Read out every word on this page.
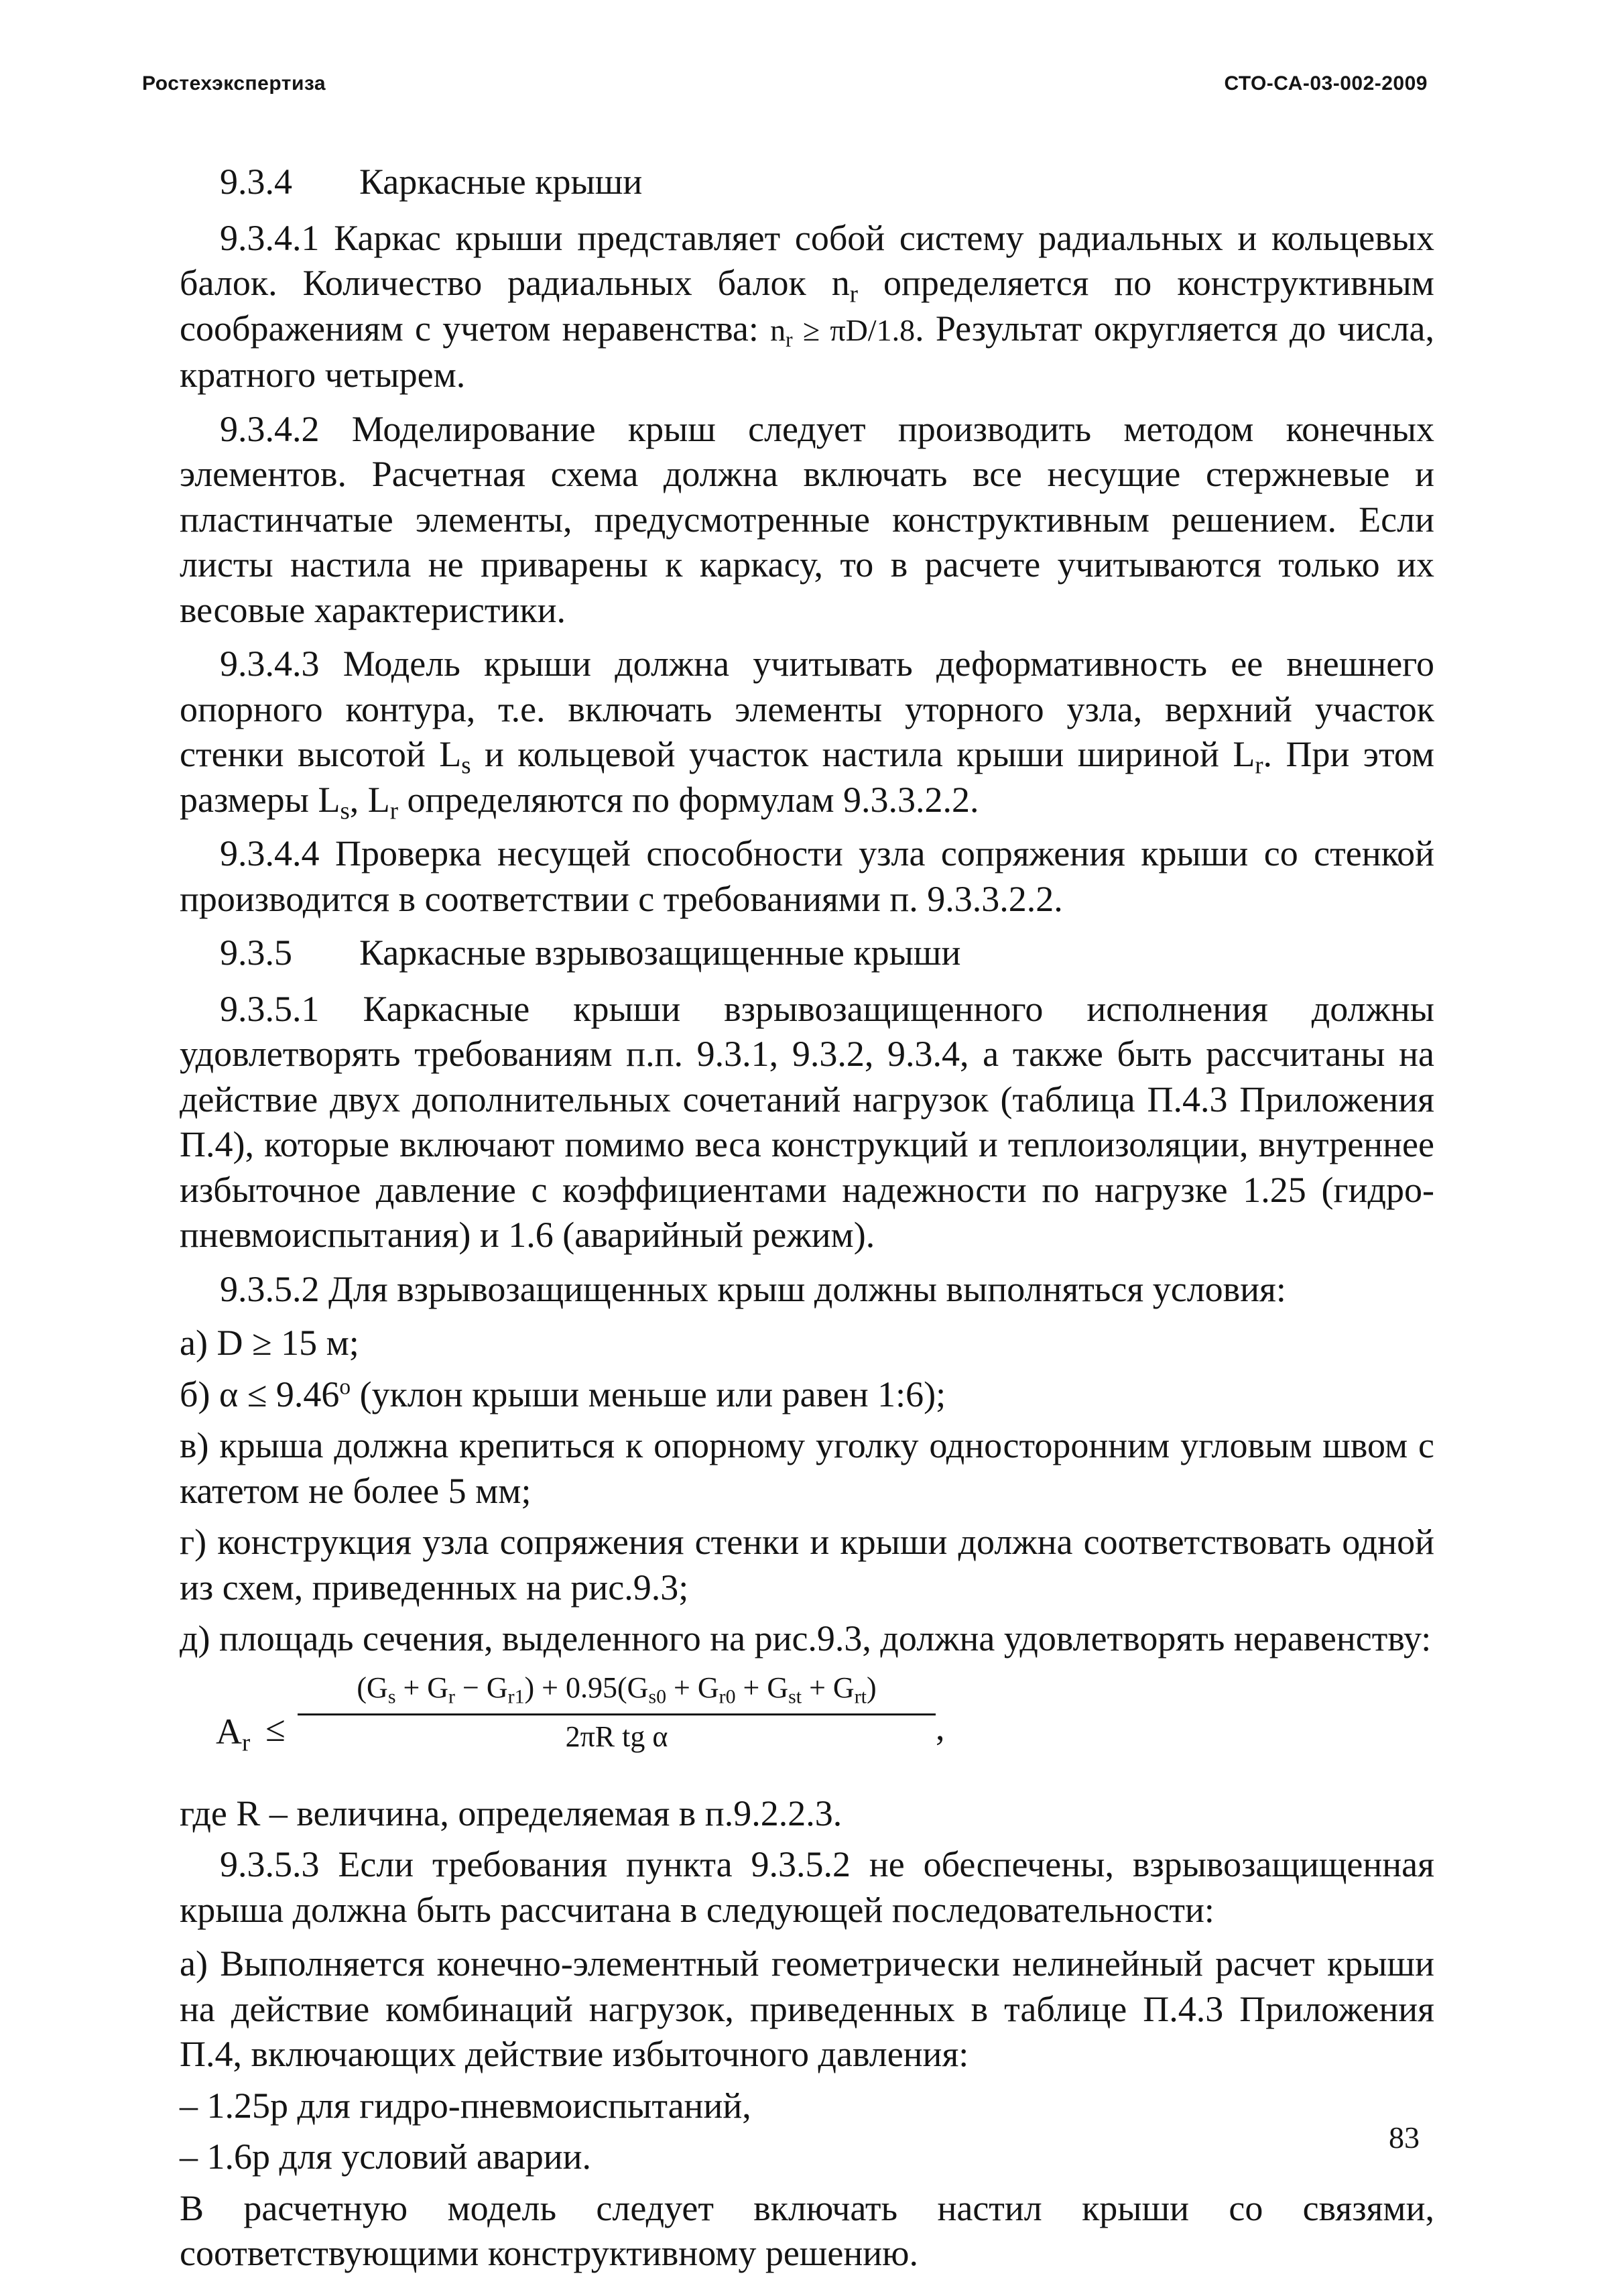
Ростехэкспертиза	СТО-СА-03-002-2009
9.3.4 Каркасные крыши

9.3.4.1 Каркас крыши представляет собой систему радиальных и кольцевых балок. Количество радиальных балок $n_r$ определяется по конструктивным соображениям с учетом неравенства: $n_r \ge \pi D/1.8$. Результат округляется до числа, кратного четырем.

9.3.4.2 Моделирование крыш следует производить методом конечных элементов. Расчетная схема должна включать все несущие стержневые и пластинчатые элементы, предусмотренные конструктивным решением. Если листы настила не приварены к каркасу, то в расчете учитываются только их весовые характеристики.

9.3.4.3 Модель крыши должна учитывать деформативность ее внешнего опорного контура, т.е. включать элементы уторного узла, верхний участок стенки высотой $L_s$ и кольцевой участок настила крыши шириной $L_r$. При этом размеры $L_s$, $L_r$ определяются по формулам 9.3.3.2.2.

9.3.4.4 Проверка несущей способности узла сопряжения крыши со стенкой производится в соответствии с требованиями п. 9.3.3.2.2.

9.3.5 Каркасные взрывозащищенные крыши

9.3.5.1 Каркасные крыши взрывозащищенного исполнения должны удовлетворять требованиям п.п. 9.3.1, 9.3.2, 9.3.4, а также быть рассчитаны на действие двух дополнительных сочетаний нагрузок (таблица П.4.3 Приложения П.4), которые включают помимо веса конструкций и теплоизоляции, внутреннее избыточное давление с коэффициентами надежности по нагрузке 1.25 (гидро-пневмоиспытания) и 1.6 (аварийный режим).

9.3.5.2 Для взрывозащищенных крыш должны выполняться условия:

а) D ≥ 15 м;

б) $\alpha \le 9.46^o$ (уклон крыши меньше или равен 1:6);

в) крыша должна крепиться к опорному уголку односторонним угловым швом с катетом не более 5 мм;

г) конструкция узла сопряжения стенки и крыши должна соответствовать одной из схем, приведенных на рис.9.3;

д) площадь сечения, выделенного на рис.9.3, должна удовлетворять неравенству:

$A_r$ ≤
$(G_s + G_r - G_{r1}) + 0.95(G_{s0} + G_{r0} + G_{st} + G_{rt})$
2πR tg α	,

где R – величина, определяемая в п.9.2.2.3.

9.3.5.3 Если требования пункта 9.3.5.2 не обеспечены, взрывозащищенная крыша должна быть рассчитана в следующей последовательности:

а) Выполняется конечно-элементный геометрически нелинейный расчет крыши на действие комбинаций нагрузок, приведенных в таблице П.4.3 Приложения П.4, включающих действие избыточного давления:

– 1.25p для гидро-пневмоиспытаний,

– 1.6p для условий аварии.

В расчетную модель следует включать настил крыши со связями, соответствующими конструктивному решению.

83
